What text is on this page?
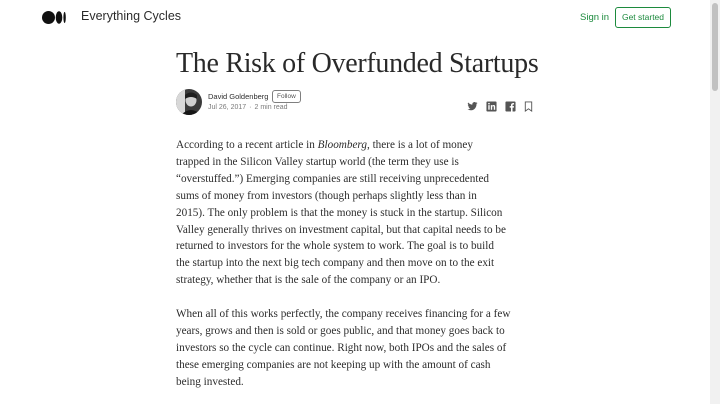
Everything Cycles	Sign in	Get started
The Risk of Overfunded Startups
David Goldenberg	Follow
Jul 26, 2017 · 2 min read

According to a recent article in Bloomberg, there is a lot of money
trapped in the Silicon Valley startup world (the term they use is
“overstuffed.”) Emerging companies are still receiving unprecedented
sums of money from investors (though perhaps slightly less than in
2015). The only problem is that the money is stuck in the startup. Silicon
Valley generally thrives on investment capital, but that capital needs to be
returned to investors for the whole system to work. The goal is to build
the startup into the next big tech company and then move on to the exit
strategy, whether that is the sale of the company or an IPO.

When all of this works perfectly, the company receives financing for a few
years, grows and then is sold or goes public, and that money goes back to
investors so the cycle can continue. Right now, both IPOs and the sales of
these emerging companies are not keeping up with the amount of cash
being invested.
